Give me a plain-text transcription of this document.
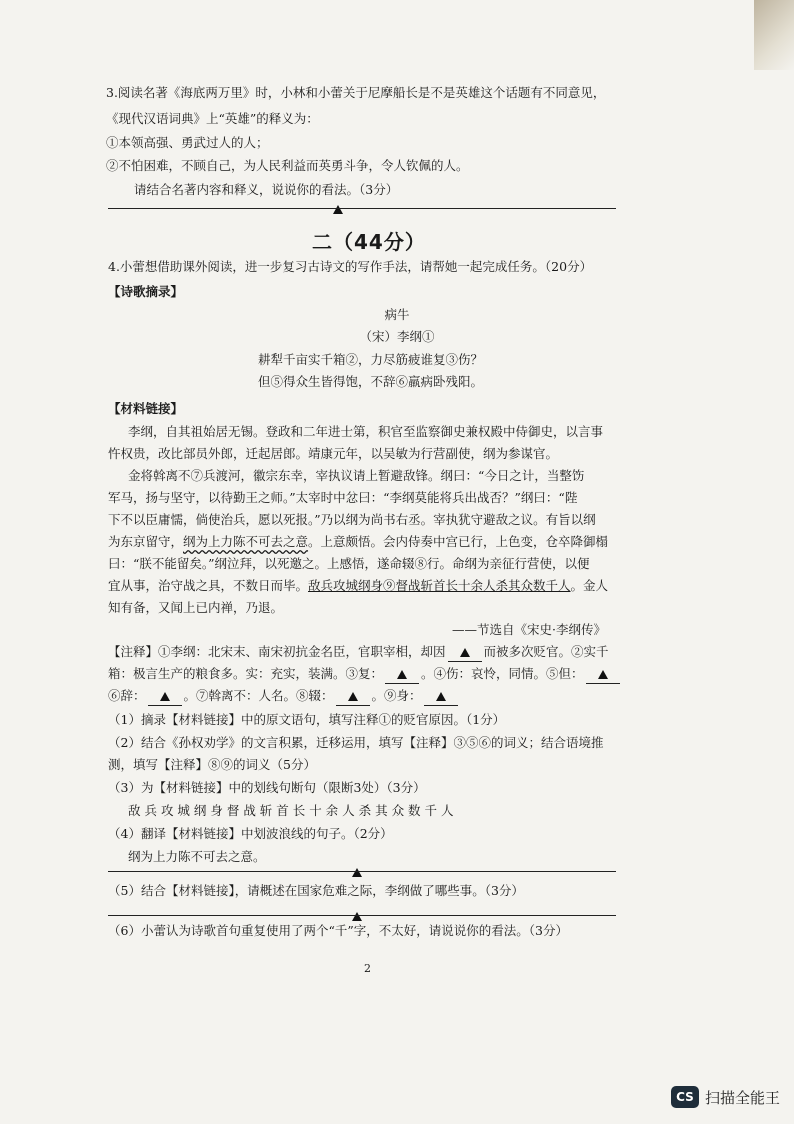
3.阅读名著《海底两万里》时，小林和小蕾关于尼摩船长是不是英雄这个话题有不同意见，
《现代汉语词典》上“英雄”的释义为：
①本领高强、勇武过人的人；
②不怕困难，不顾自己，为人民利益而英勇斗争，令人钦佩的人。
请结合名著内容和释义，说说你的看法。（3分）
二（44分）
4.小蕾想借助课外阅读，进一步复习古诗文的写作手法，请帮她一起完成任务。（20分）
【诗歌摘录】
病牛
（宋）李纲①
耕犁千亩实千箱②，力尽筋疲谁复③伤？
但⑤得众生皆得饱，不辞⑥羸病卧残阳。
【材料链接】
李纲，自其祖始居无锡。登政和二年进士第，积官至监察御史兼权殿中侍御史，以言事
忤权贵，改比部员外郎，迁起居郎。靖康元年，以吴敏为行营副使，纲为参谋官。
金将斡离不⑦兵渡河，徽宗东幸，宰执议请上暂避敌锋。纲曰：“今日之计，当整饬
军马，扬与坚守，以待勤王之师。”太宰时中忿曰：“李纲莫能将兵出战否？”纲曰：“陛
下不以臣庸懦，倘使治兵，愿以死报。”乃以纲为尚书右丞。宰执犹守避敌之议。有旨以纲
为东京留守，纲为上力陈不可去之意。上意颇悟。会内侍奏中宫已行，上色变，仓卒降御榻
曰：“朕不能留矣。”纲泣拜，以死邀之。上感悟，遂命辍⑧行。命纲为亲征行营使，以便
宜从事，治守战之具，不数日而毕。敌兵攻城纲身⑨督战斩首长十余人杀其众数千人。金人
知有备，又闻上已内禅，乃退。
——节选自《宋史·李纲传》
【注释】①李纲：北宋末、南宋初抗金名臣，官职宰相，却因	而被多次贬官。②实千
箱：极言生产的粮食多。实：充实，装满。③复：	。④伤：哀怜，同情。⑤但：
⑥辞：	。⑦斡离不：人名。⑧辍：	。⑨身：
（1）摘录【材料链接】中的原文语句，填写注释①的贬官原因。（1分）
（2）结合《孙权劝学》的文言积累，迁移运用，填写【注释】③⑤⑥的词义；结合语境推
测，填写【注释】⑧⑨的词义（5分）
（3）为【材料链接】中的划线句断句（限断3处）（3分）
敌 兵 攻 城 纲 身 督 战 斩 首 长 十 余 人 杀 其 众 数 千 人
（4）翻译【材料链接】中划波浪线的句子。（2分）
纲为上力陈不可去之意。
（5）结合【材料链接】，请概述在国家危难之际，李纲做了哪些事。（3分）
（6）小蕾认为诗歌首句重复使用了两个“千”字，不太好，请说说你的看法。（3分）
2
CS 扫描全能王
